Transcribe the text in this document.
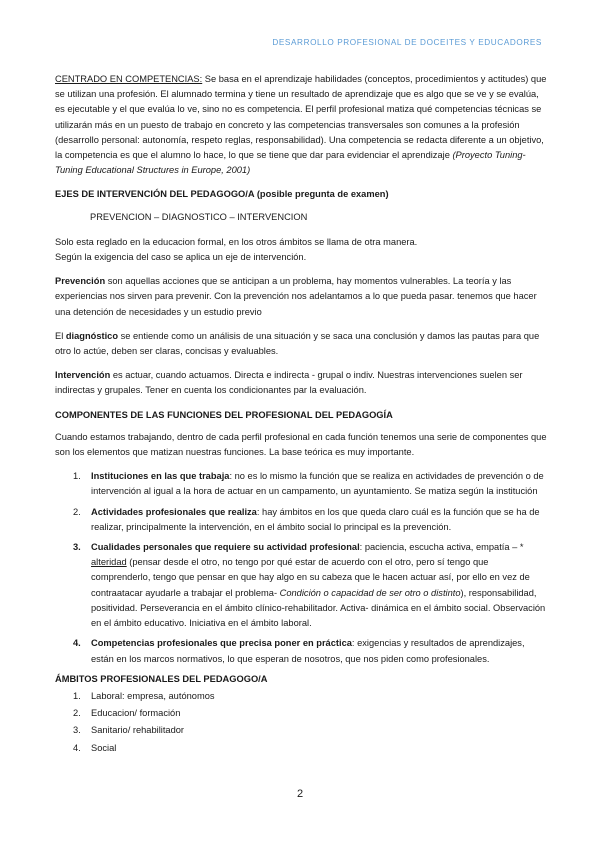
DESARROLLO PROFESIONAL DE DOCEITES Y EDUCADORES

CENTRADO EN COMPETENCIAS: Se basa en el aprendizaje habilidades (conceptos, procedimientos y actitudes) que se utilizan una profesión. El alumnado termina y tiene un resultado de aprendizaje que es algo que se ve y se evalúa, es ejecutable y el que evalúa lo ve, sino no es competencia. El perfil profesional matiza qué competencias técnicas se utilizarán más en un puesto de trabajo en concreto y las competencias transversales son comunes a la profesión (desarrollo personal: autonomía, respeto reglas, responsabilidad). Una competencia se redacta diferente a un objetivo, la competencia es que el alumno lo hace, lo que se tiene que dar para evidenciar el aprendizaje (Proyecto Tuning-Tuning Educational Structures in Europe, 2001)

EJES DE INTERVENCIÓN DEL PEDAGOGO/A (posible pregunta de examen)

PREVENCION – DIAGNOSTICO – INTERVENCION

Solo esta reglado en la educacion formal, en los otros ámbitos se llama de otra manera.

Según la exigencia del caso se aplica un eje de intervención.

Prevención son aquellas acciones que se anticipan a un problema, hay momentos vulnerables. La teoría y las experiencias nos sirven para prevenir. Con la prevención nos adelantamos a lo que pueda pasar. tenemos que hacer una detención de necesidades y un estudio previo

El diagnóstico se entiende como un análisis de una situación y se saca una conclusión y damos las pautas para que otro lo actúe, deben ser claras, concisas y evaluables.

Intervención es actuar, cuando actuamos. Directa e indirecta - grupal o indiv. Nuestras intervenciones suelen ser indirectas y grupales. Tener en cuenta los condicionantes par la evaluación.

COMPONENTES DE LAS FUNCIONES DEL PROFESIONAL DEL PEDAGOGÍA

Cuando estamos trabajando, dentro de cada perfil profesional en cada función tenemos una serie de componentes que son los elementos que matizan nuestras funciones. La base teórica es muy importante.

1. Instituciones en las que trabaja: no es lo mismo la función que se realiza en actividades de prevención o de intervención al igual a la hora de actuar en un campamento, un ayuntamiento. Se matiza según la institución
2. Actividades profesionales que realiza: hay ámbitos en los que queda claro cuál es la función que se ha de realizar, principalmente la intervención, en el ámbito social lo principal es la prevención.
3. Cualidades personales que requiere su actividad profesional: paciencia, escucha activa, empatía – * alteridad (pensar desde el otro, no tengo por qué estar de acuerdo con el otro, pero sí tengo que comprenderlo, tengo que pensar en que hay algo en su cabeza que le hacen actuar así, por ello en vez de contraatacar ayudarle a trabajar el problema- Condición o capacidad de ser otro o distinto), responsabilidad, positividad. Perseverancia en el ámbito clínico-rehabilitador. Activa- dinámica en el ámbito social. Observación en el ámbito educativo. Iniciativa en el ámbito laboral.
4. Competencias profesionales que precisa poner en práctica: exigencias y resultados de aprendizajes, están en los marcos normativos, lo que esperan de nosotros, que nos piden como profesionales.

ÁMBITOS PROFESIONALES DEL PEDAGOGO/A

1. Laboral: empresa, autónomos
2. Educacion/ formación
3. Sanitario/ rehabilitador
4. Social
2
